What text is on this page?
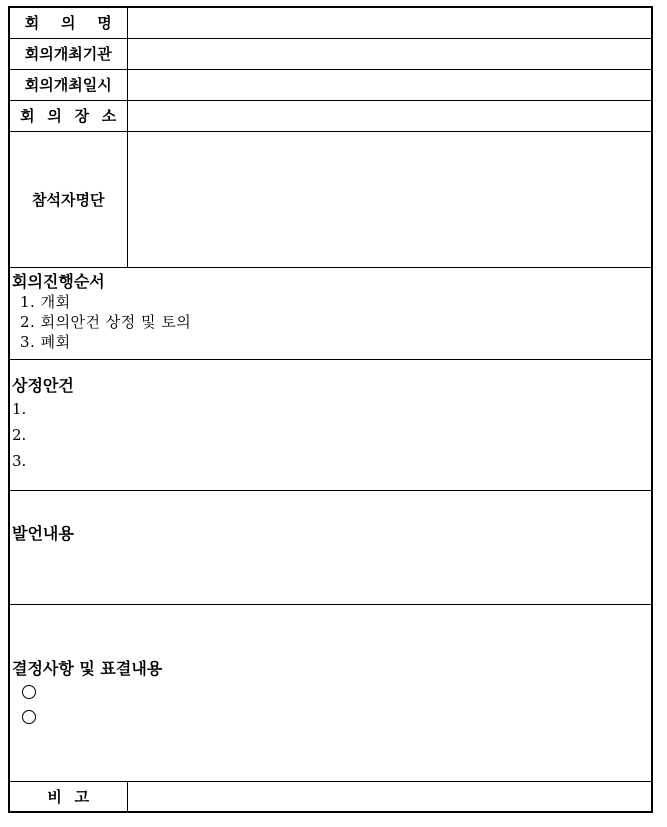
회 의 명	
회의개최기관	
회의개최일시	
회 의 장 소	
참석자명단	

회의진행순서
1. 개회
2. 회의안건 상정 및 토의
3. 폐회	

상정안건
1.
2.
3.	

발언내용	

결정사항 및 표결내용	

비 고	
